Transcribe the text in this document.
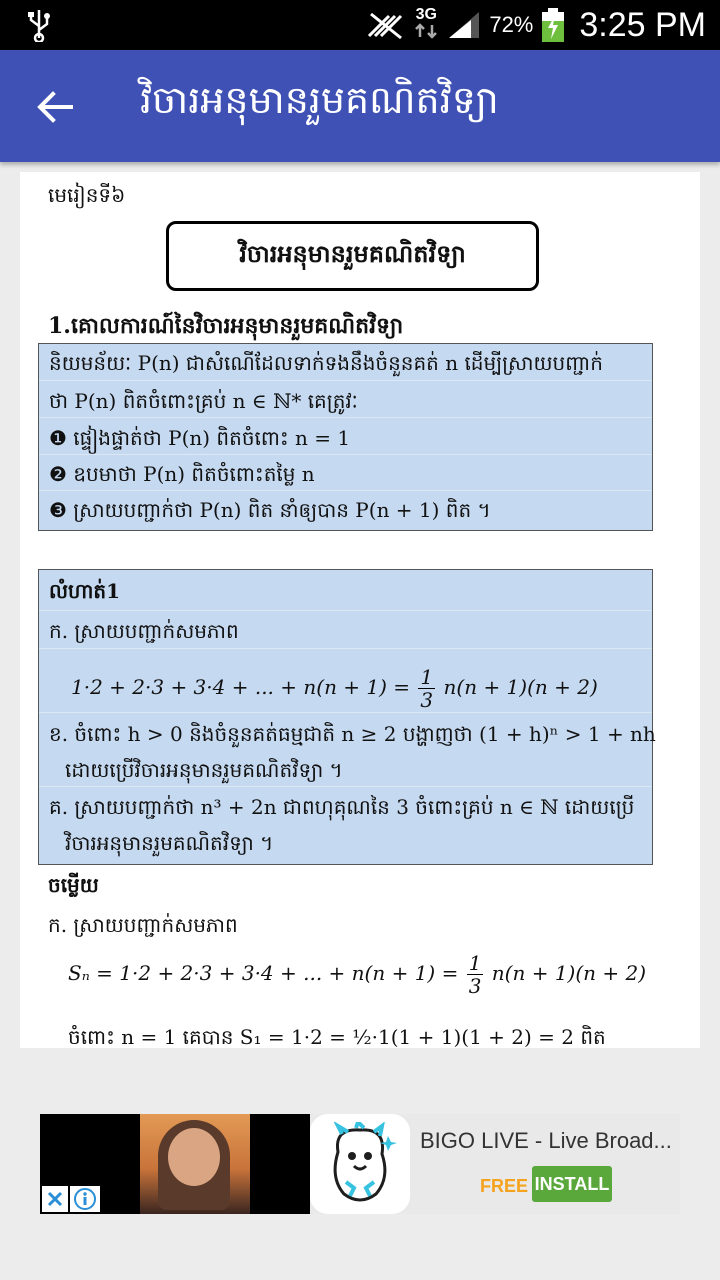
3G 72% 3:25 PM
វិចារអនុមានរួមគណិតវិទ្យា
មេរៀនទី៦
វិចារអនុមានរួមគណិតវិទ្យា
1.គោលការណ៍នៃវិចារអនុមានរួមគណិតវិទ្យា
និយមន័យៈ P(n) ជាសំណើដែលទាក់ទងនឹងចំនួនគត់ n ដើម្បីស្រាយបញ្ជាក់
ថា P(n) ពិតចំពោះគ្រប់ n ∈ ℕ* គេត្រូវៈ
❶ ផ្ទៀងផ្ទាត់ថា P(n) ពិតចំពោះ n = 1
❷ ឧបមាថា P(n) ពិតចំពោះតម្លៃ n
❸ ស្រាយបញ្ជាក់ថា P(n) ពិត នាំឲ្យបាន P(n + 1) ពិត ។
លំហាត់1
ក. ស្រាយបញ្ជាក់សមភាព
1·2 + 2·3 + 3·4 + ... + $n(n + 1) = \frac{1}{3} n(n + 1)(n + 2)$
ខ. ចំពោះ h > 0 និងចំនួនគត់ធម្មជាតិ n ≥ 2 បង្ហាញថា (1 + h)ⁿ > 1 + nh
ដោយប្រើវិចារអនុមានរួមគណិតវិទ្យា ។
គ. ស្រាយបញ្ជាក់ថា n³ + 2n ជាពហុគុណនៃ 3 ចំពោះគ្រប់ n ∈ ℕ ដោយប្រើ
វិចារអនុមានរួមគណិតវិទ្យា ។
ចម្លើយ
ក. ស្រាយបញ្ជាក់សមភាព
Sₙ = 1·2 + 2·3 + 3·4 + ... + $n(n + 1) = \frac{1}{3} n(n + 1)(n + 2)$
ចំពោះ n = 1 គេបាន S₁ = 1·2 = ½·1(1 + 1)(1 + 2) = 2 ពិត
BIGO LIVE - Live Broad...
FREE INSTALL
